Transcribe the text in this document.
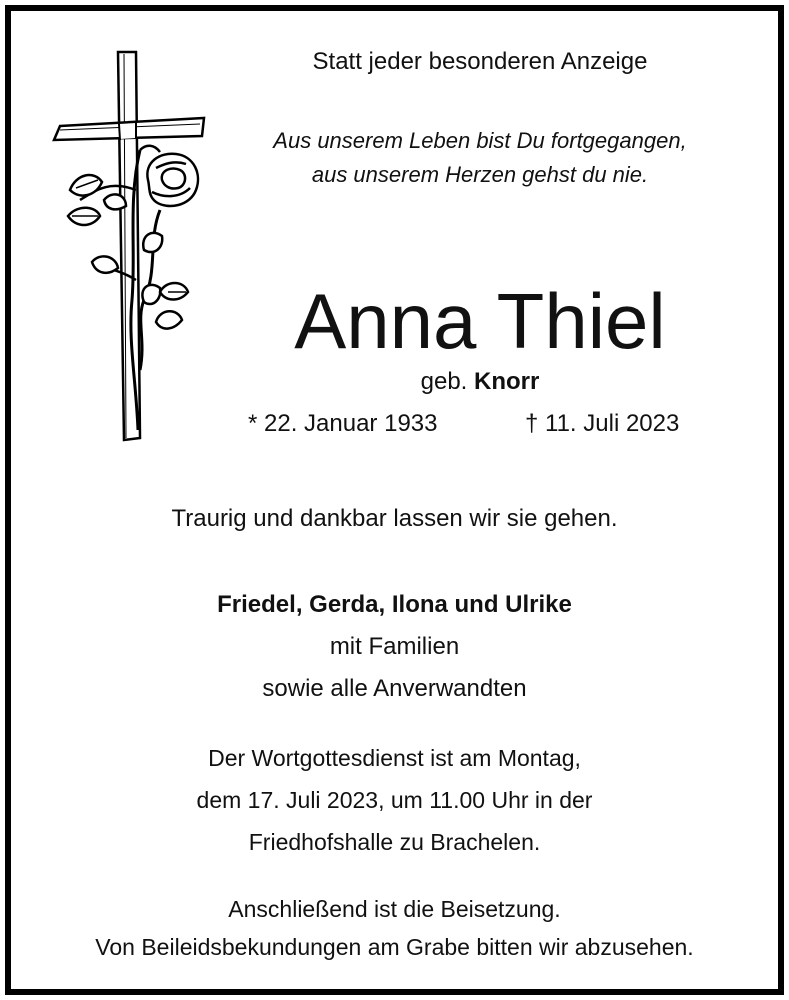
Statt jeder besonderen Anzeige
Aus unserem Leben bist Du fortgegangen,
aus unserem Herzen gehst du nie.
Anna Thiel
geb. Knorr
* 22. Januar 1933	† 11. Juli 2023
Traurig und dankbar lassen wir sie gehen.
Friedel, Gerda, Ilona und Ulrike
mit Familien
sowie alle Anverwandten
Der Wortgottesdienst ist am Montag,
dem 17. Juli 2023, um 11.00 Uhr in der
Friedhofshalle zu Brachelen.
Anschließend ist die Beisetzung.
Von Beileidsbekundungen am Grabe bitten wir abzusehen.
